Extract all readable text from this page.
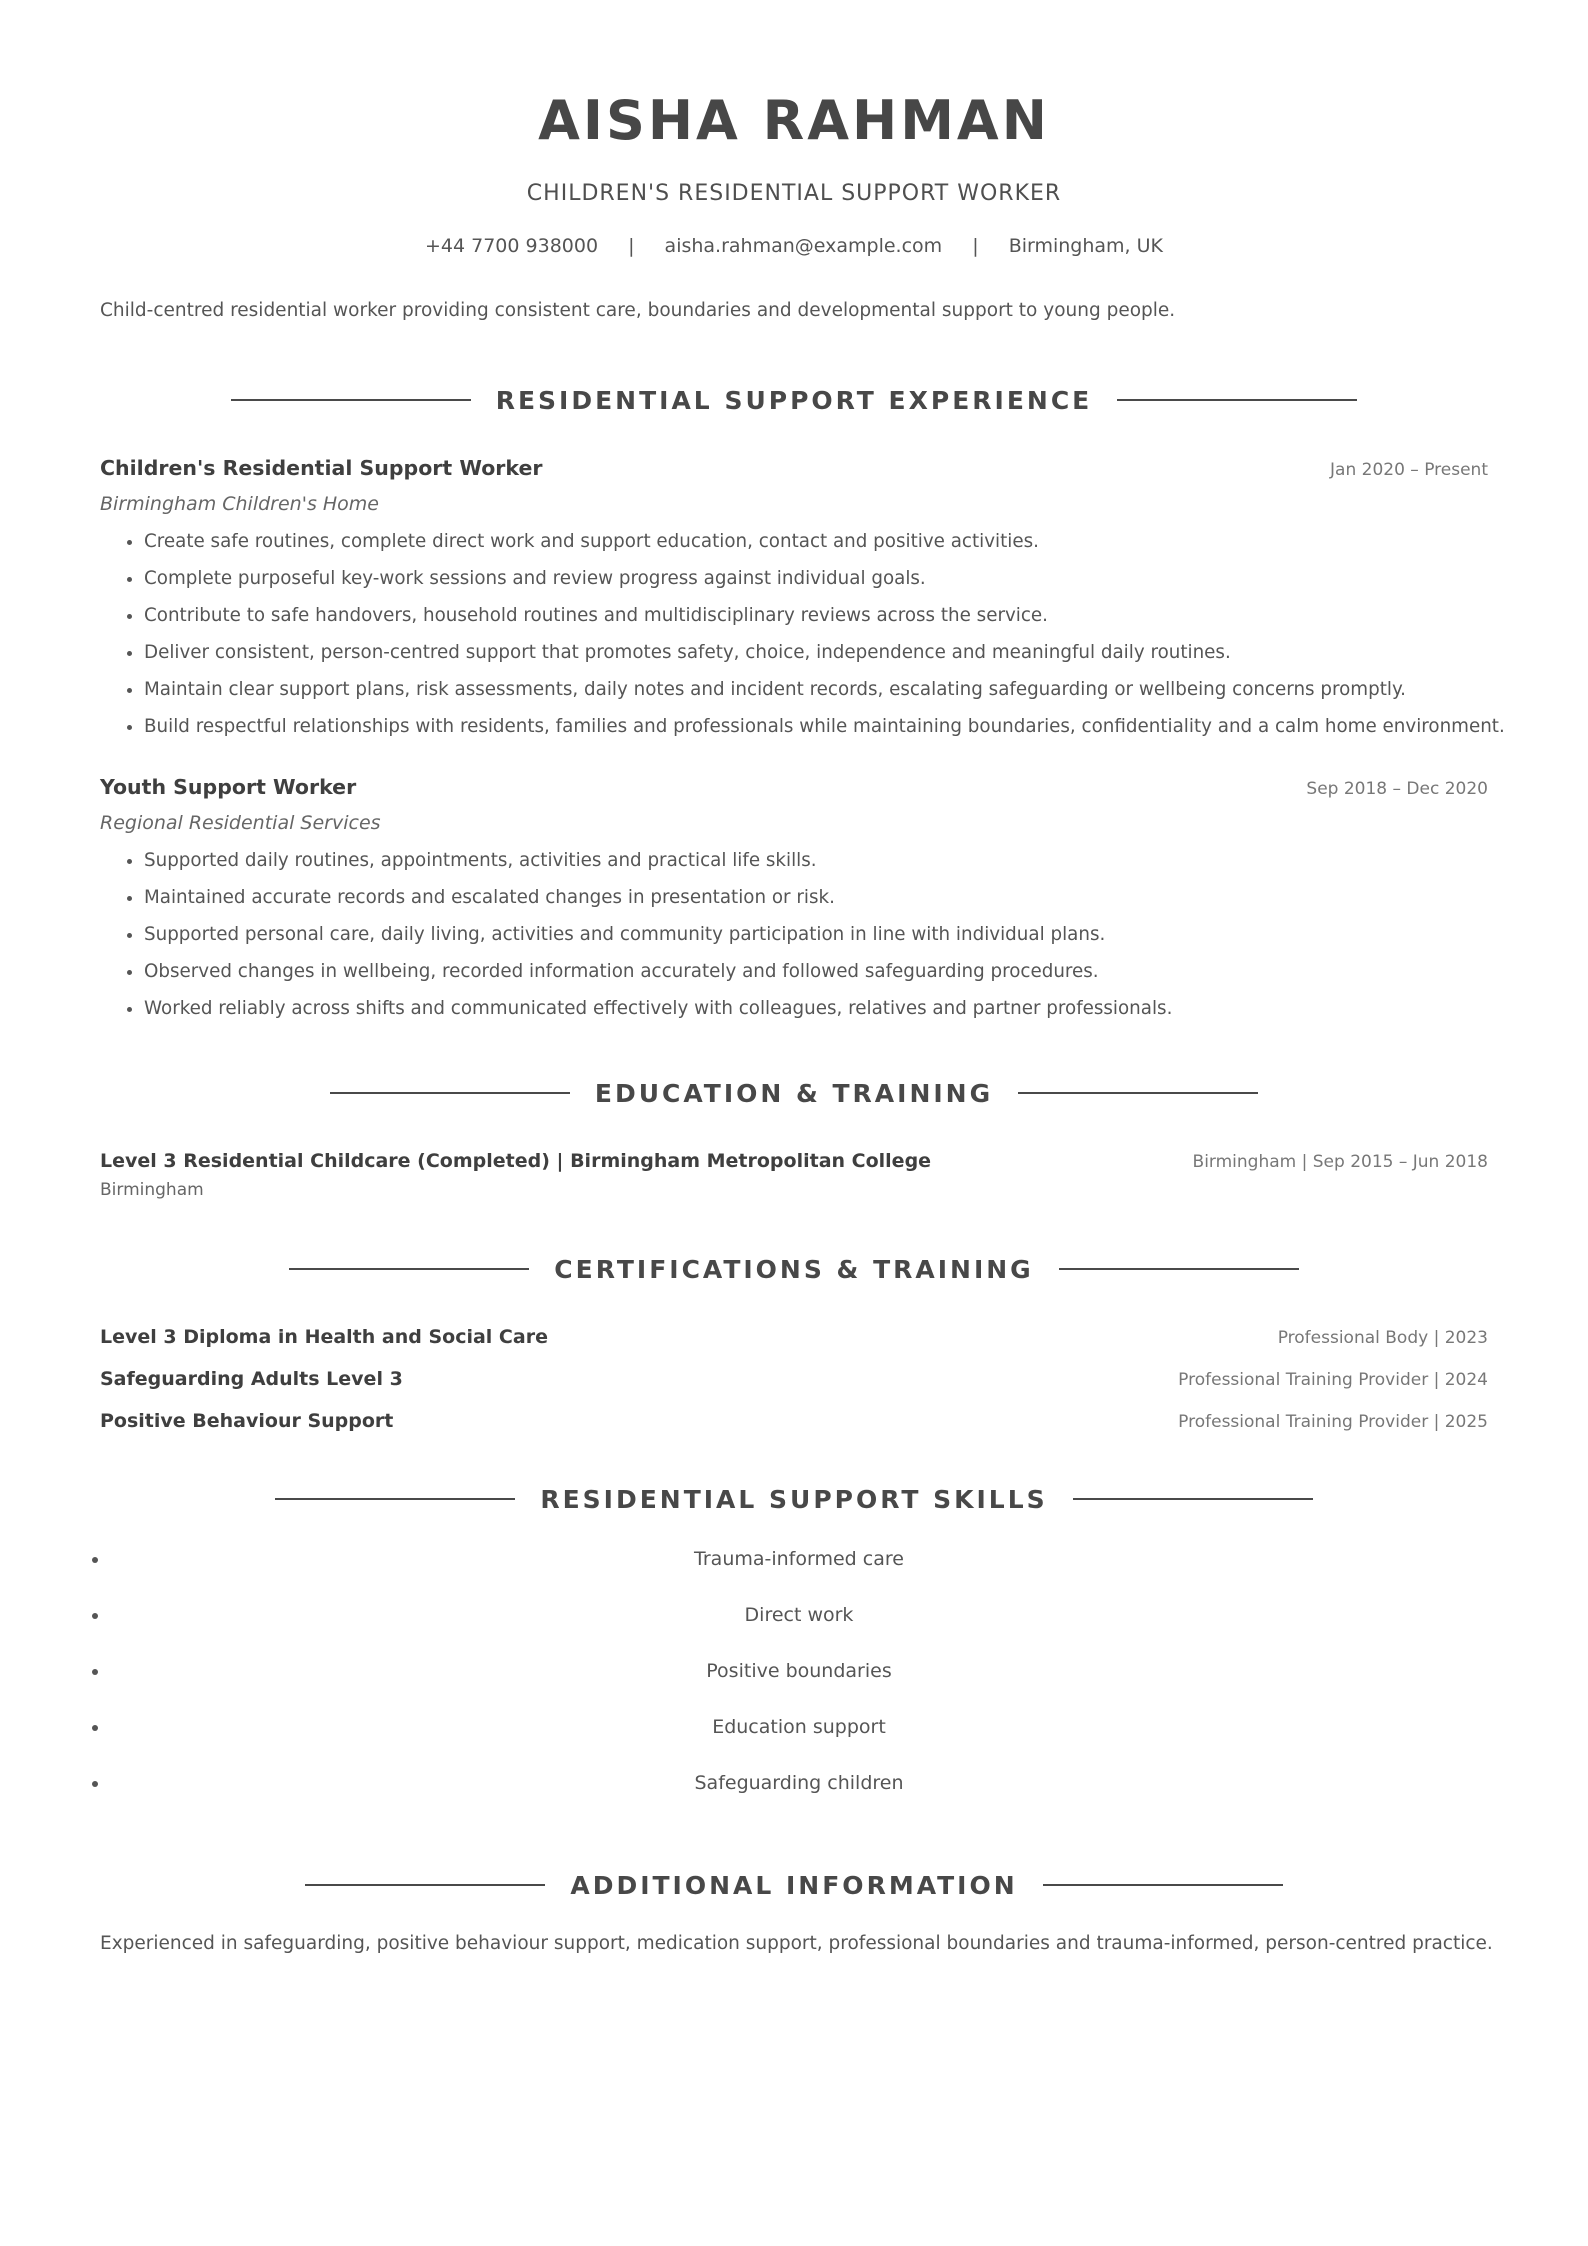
AISHA RAHMAN
CHILDREN'S RESIDENTIAL SUPPORT WORKER
+44 7700 938000 | aisha.rahman@example.com | Birmingham, UK
Child-centred residential worker providing consistent care, boundaries and developmental support to young people.
RESIDENTIAL SUPPORT EXPERIENCE
Children's Residential Support Worker	Jan 2020 – Present
Birmingham Children's Home
• Create safe routines, complete direct work and support education, contact and positive activities.
• Complete purposeful key-work sessions and review progress against individual goals.
• Contribute to safe handovers, household routines and multidisciplinary reviews across the service.
• Deliver consistent, person-centred support that promotes safety, choice, independence and meaningful daily routines.
• Maintain clear support plans, risk assessments, daily notes and incident records, escalating safeguarding or wellbeing concerns promptly.
• Build respectful relationships with residents, families and professionals while maintaining boundaries, confidentiality and a calm home environment.
Youth Support Worker	Sep 2018 – Dec 2020
Regional Residential Services
• Supported daily routines, appointments, activities and practical life skills.
• Maintained accurate records and escalated changes in presentation or risk.
• Supported personal care, daily living, activities and community participation in line with individual plans.
• Observed changes in wellbeing, recorded information accurately and followed safeguarding procedures.
• Worked reliably across shifts and communicated effectively with colleagues, relatives and partner professionals.
EDUCATION & TRAINING
Level 3 Residential Childcare (Completed) | Birmingham Metropolitan College	Birmingham | Sep 2015 – Jun 2018
Birmingham
CERTIFICATIONS & TRAINING
Level 3 Diploma in Health and Social Care	Professional Body | 2023
Safeguarding Adults Level 3	Professional Training Provider | 2024
Positive Behaviour Support	Professional Training Provider | 2025
RESIDENTIAL SUPPORT SKILLS
• Trauma-informed care
• Direct work
• Positive boundaries
• Education support
• Safeguarding children
ADDITIONAL INFORMATION
Experienced in safeguarding, positive behaviour support, medication support, professional boundaries and trauma-informed, person-centred practice.
